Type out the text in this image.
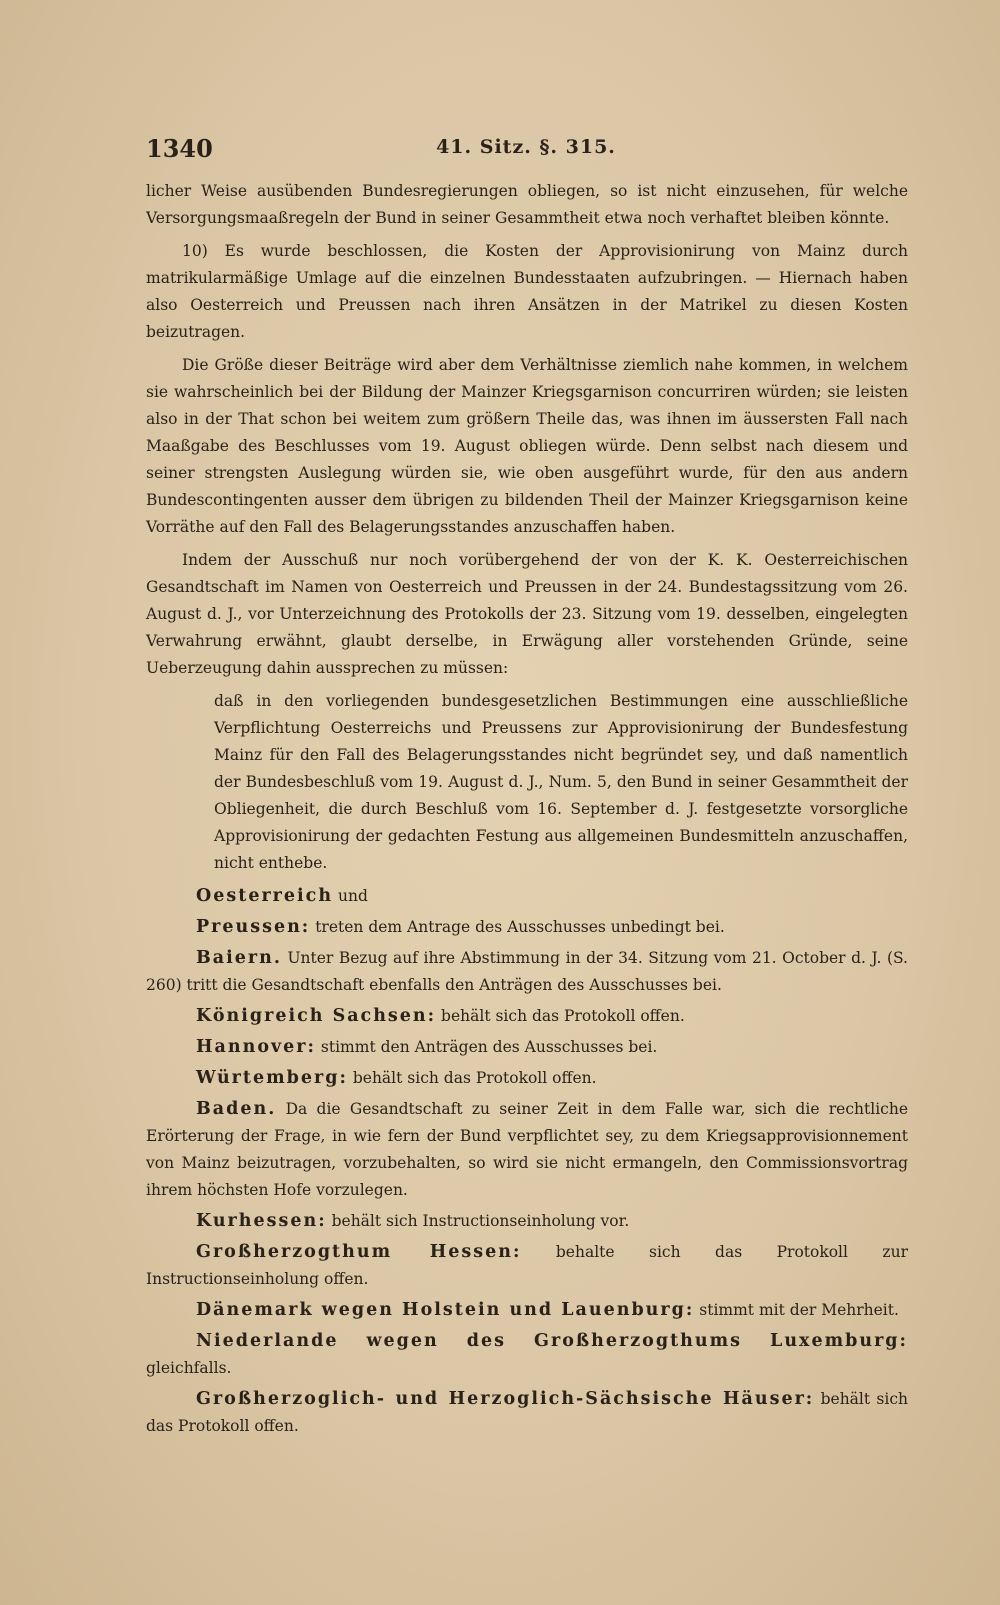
1340	41. Sitz. §. 315.

licher Weise ausübenden Bundesregierungen obliegen, so ist nicht einzusehen, für welche Versorgungsmaaßregeln der Bund in seiner Gesammtheit etwa noch verhaftet bleiben könnte.

10) Es wurde beschlossen, die Kosten der Approvisionirung von Mainz durch matrikularmäßige Umlage auf die einzelnen Bundesstaaten aufzubringen. — Hiernach haben also Oesterreich und Preussen nach ihren Ansätzen in der Matrikel zu diesen Kosten beizutragen.

Die Größe dieser Beiträge wird aber dem Verhältnisse ziemlich nahe kommen, in welchem sie wahrscheinlich bei der Bildung der Mainzer Kriegsgarnison concurriren würden; sie leisten also in der That schon bei weitem zum größern Theile das, was ihnen im äussersten Fall nach Maaßgabe des Beschlusses vom 19. August obliegen würde. Denn selbst nach diesem und seiner strengsten Auslegung würden sie, wie oben ausgeführt wurde, für den aus andern Bundescontingenten ausser dem übrigen zu bildenden Theil der Mainzer Kriegsgarnison keine Vorräthe auf den Fall des Belagerungsstandes anzuschaffen haben.

Indem der Ausschuß nur noch vorübergehend der von der K. K. Oesterreichischen Gesandtschaft im Namen von Oesterreich und Preussen in der 24. Bundestagssitzung vom 26. August d. J., vor Unterzeichnung des Protokolls der 23. Sitzung vom 19. desselben, eingelegten Verwahrung erwähnt, glaubt derselbe, in Erwägung aller vorstehenden Gründe, seine Ueberzeugung dahin aussprechen zu müssen:

daß in den vorliegenden bundesgesetzlichen Bestimmungen eine ausschließliche Verpflichtung Oesterreichs und Preussens zur Approvisionirung der Bundesfestung Mainz für den Fall des Belagerungsstandes nicht begründet sey, und daß namentlich der Bundesbeschluß vom 19. August d. J., Num. 5, den Bund in seiner Gesammtheit der Obliegenheit, die durch Beschluß vom 16. September d. J. festgesetzte vorsorgliche Approvisionirung der gedachten Festung aus allgemeinen Bundesmitteln anzuschaffen, nicht enthebe.

Oesterreich und

Preussen: treten dem Antrage des Ausschusses unbedingt bei.

Baiern. Unter Bezug auf ihre Abstimmung in der 34. Sitzung vom 21. October d. J. (S. 260) tritt die Gesandtschaft ebenfalls den Anträgen des Ausschusses bei.

Königreich Sachsen: behält sich das Protokoll offen.

Hannover: stimmt den Anträgen des Ausschusses bei.

Würtemberg: behält sich das Protokoll offen.

Baden. Da die Gesandtschaft zu seiner Zeit in dem Falle war, sich die rechtliche Erörterung der Frage, in wie fern der Bund verpflichtet sey, zu dem Kriegsapprovisionnement von Mainz beizutragen, vorzubehalten, so wird sie nicht ermangeln, den Commissionsvortrag ihrem höchsten Hofe vorzulegen.

Kurhessen: behält sich Instructionseinholung vor.

Großherzogthum Hessen: behalte sich das Protokoll zur Instructionseinholung offen.

Dänemark wegen Holstein und Lauenburg: stimmt mit der Mehrheit.

Niederlande wegen des Großherzogthums Luxemburg: gleichfalls.

Großherzoglich- und Herzoglich-Sächsische Häuser: behält sich das Protokoll offen.
